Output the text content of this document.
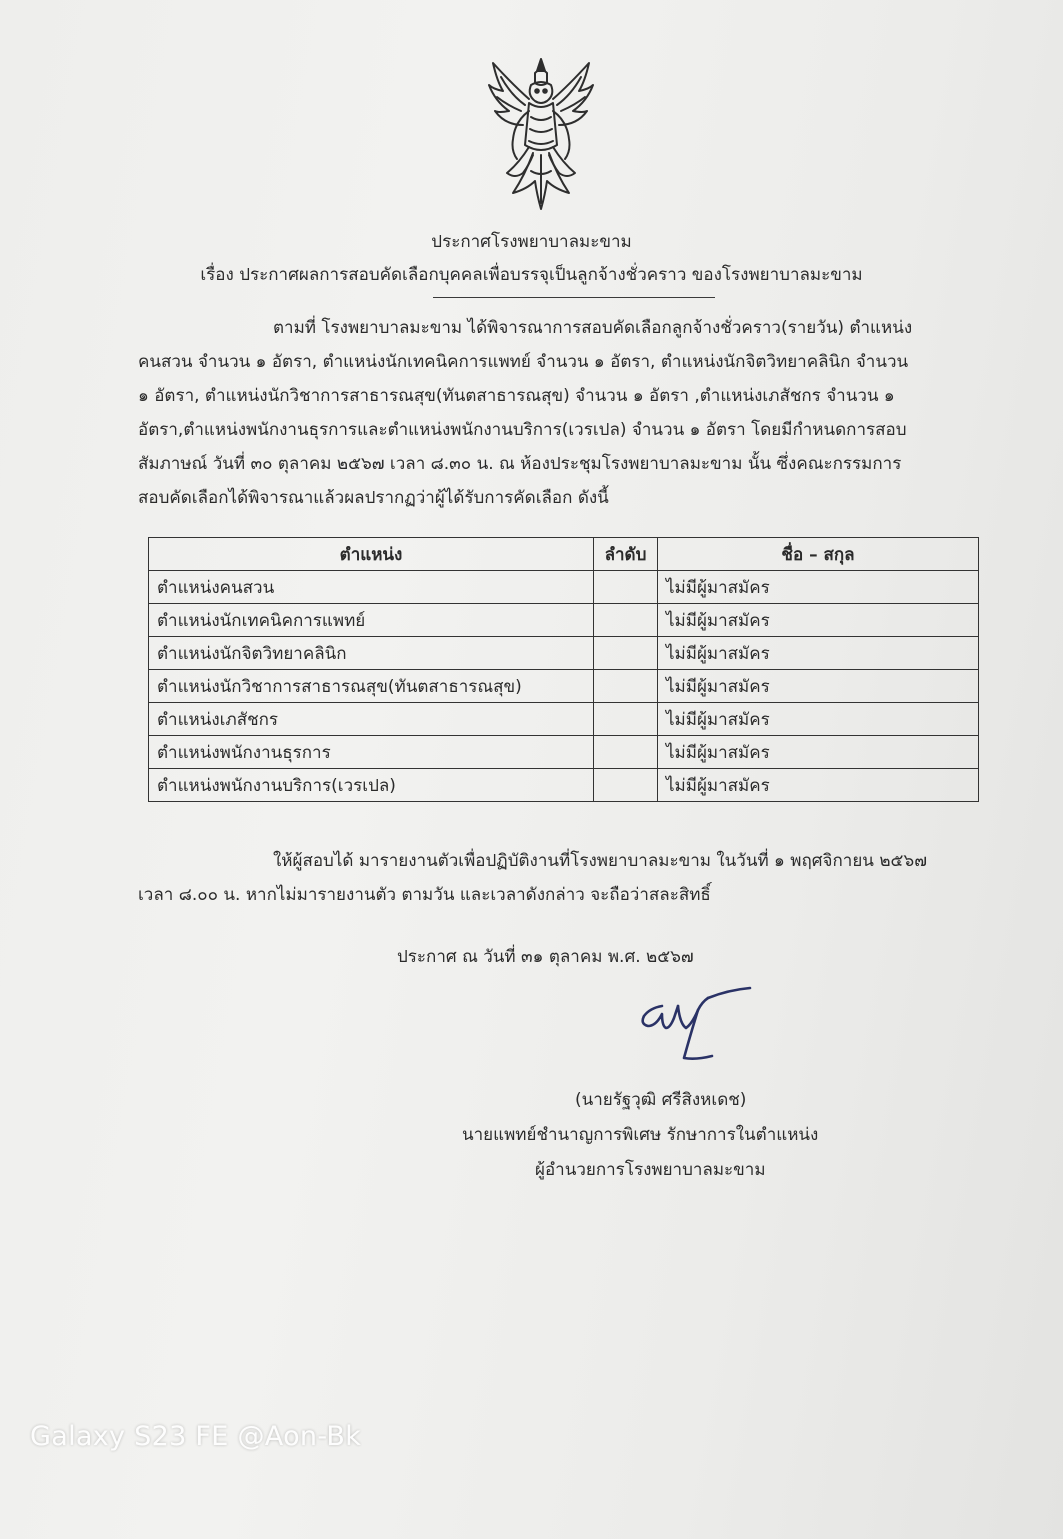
ประกาศโรงพยาบาลมะขาม
เรื่อง ประกาศผลการสอบคัดเลือกบุคคลเพื่อบรรจุเป็นลูกจ้างชั่วคราว ของโรงพยาบาลมะขาม
ตามที่ โรงพยาบาลมะขาม ได้พิจารณาการสอบคัดเลือกลูกจ้างชั่วคราว(รายวัน) ตำแหน่ง
คนสวน จำนวน ๑ อัตรา, ตำแหน่งนักเทคนิคการแพทย์ จำนวน ๑ อัตรา, ตำแหน่งนักจิตวิทยาคลินิก จำนวน
๑ อัตรา, ตำแหน่งนักวิชาการสาธารณสุข(ทันตสาธารณสุข) จำนวน ๑ อัตรา ,ตำแหน่งเภสัชกร จำนวน ๑
อัตรา,ตำแหน่งพนักงานธุรการและตำแหน่งพนักงานบริการ(เวรเปล) จำนวน ๑ อัตรา โดยมีกำหนดการสอบ
สัมภาษณ์ วันที่ ๓๐ ตุลาคม ๒๕๖๗ เวลา ๘.๓๐ น. ณ ห้องประชุมโรงพยาบาลมะขาม นั้น ซึ่งคณะกรรมการ
สอบคัดเลือกได้พิจารณาแล้วผลปรากฏว่าผู้ได้รับการคัดเลือก ดังนี้
ตำแหน่ง	ลำดับ	ชื่อ – สกุล
ตำแหน่งคนสวน		ไม่มีผู้มาสมัคร
ตำแหน่งนักเทคนิคการแพทย์		ไม่มีผู้มาสมัคร
ตำแหน่งนักจิตวิทยาคลินิก		ไม่มีผู้มาสมัคร
ตำแหน่งนักวิชาการสาธารณสุข(ทันตสาธารณสุข)		ไม่มีผู้มาสมัคร
ตำแหน่งเภสัชกร		ไม่มีผู้มาสมัคร
ตำแหน่งพนักงานธุรการ		ไม่มีผู้มาสมัคร
ตำแหน่งพนักงานบริการ(เวรเปล)		ไม่มีผู้มาสมัคร
ให้ผู้สอบได้ มารายงานตัวเพื่อปฏิบัติงานที่โรงพยาบาลมะขาม ในวันที่ ๑ พฤศจิกายน ๒๕๖๗
เวลา ๘.๐๐ น. หากไม่มารายงานตัว ตามวัน และเวลาดังกล่าว จะถือว่าสละสิทธิ์
ประกาศ ณ วันที่ ๓๑ ตุลาคม พ.ศ. ๒๕๖๗
(นายรัฐวุฒิ ศรีสิงหเดช)
นายแพทย์ชำนาญการพิเศษ รักษาการในตำแหน่ง
ผู้อำนวยการโรงพยาบาลมะขาม
Galaxy S23 FE @Aon-Bk
